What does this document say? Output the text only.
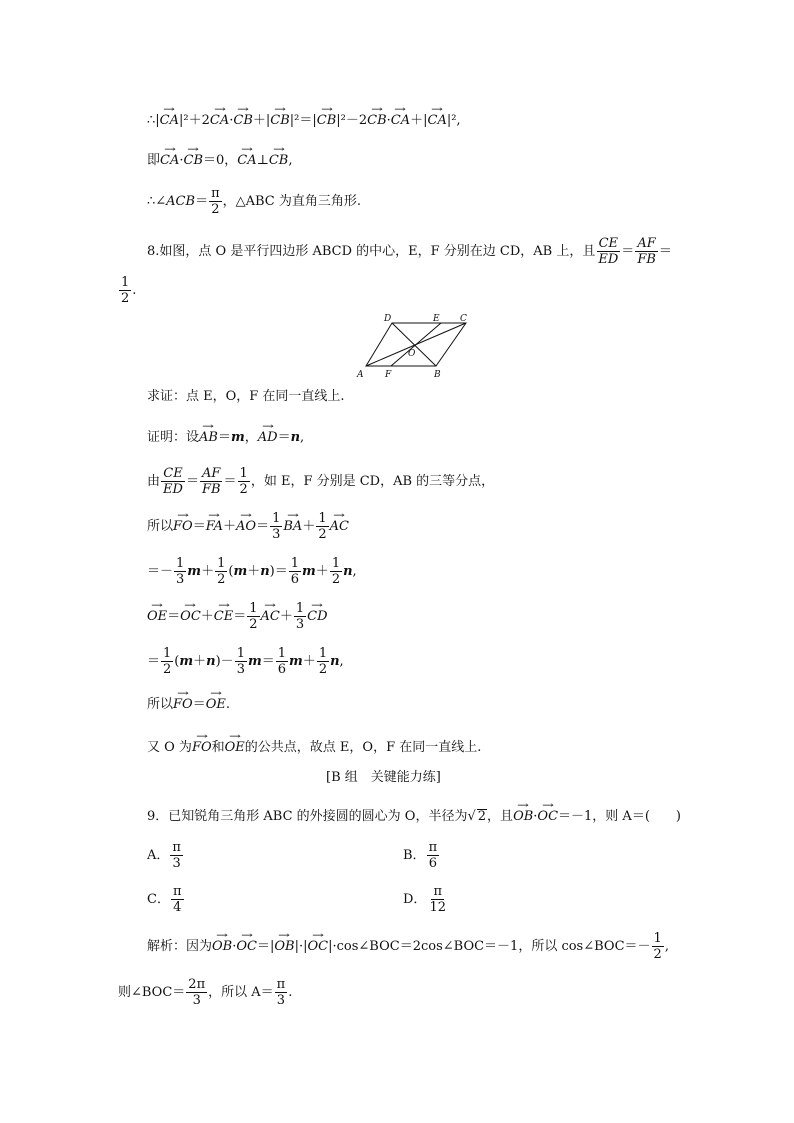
∴|CA →|²＋2CA →·CB →＋|CB →|²＝|CB →|²－2CB →·CA →＋|CA →|²,
即CA →·CB →＝0，CA →⊥CB →,
∴∠ACB＝ $\frac{\pi}{2}$ ，△ABC 为直角三角形.
8.如图，点 O 是平行四边形 ABCD 的中心，E，F 分别在边 CD，AB 上，且 $\frac{CE}{ED} = \frac{AF}{FB}$ ＝
$\frac{1}{2}$ .
D	E C
O
A F	B
求证：点 E，O，F 在同一直线上.
证明：设AB →＝m，AD →＝n,
由 $\frac{CE}{ED} = \frac{AF}{FB} = \frac{1}{2}$ ，如 E，F 分别是 CD，AB 的三等分点，
所以FO $\to=FA \to+AO \to= \frac{1}{3}$ BA →＋ $\frac{1}{2}$ AC →
＝－ $\frac{1}{3} m+ \frac{1}{2} (m+n)= \frac{1}{6} m+ \frac{1}{2} n$,
OE $\to=OC \to+CE \to= \frac{1}{2}$ AC →＋ $\frac{1}{3}$ CD →
＝ $\frac{1}{2} (m+n)- \frac{1}{3} m= \frac{1}{6} m+ \frac{1}{2} n$,
所以FO →＝OE →.
又 O 为FO →和OE →的公共点，故点 E，O，F 在同一直线上.
[B 组　关键能力练]
9．已知锐角三角形 ABC 的外接圆的圆心为 O，半径为√ 2，且OB →·OC →＝－1，则 A＝(　　)
A． $\frac{\pi}{3}$	B． $\frac{\pi}{6}$
C． $\frac{\pi}{4}$	D． $\frac{\pi}{12}$
解析：因为OB →·OC →＝|OB →|·|OC →|·cos∠BOC＝2cos∠BOC＝－1，所以 cos∠BOC＝－ $\frac{1}{2}$ ,
则∠BOC＝ $\frac{2\pi}{3}$ ，所以 $A= \frac{\pi}{3}$ .
